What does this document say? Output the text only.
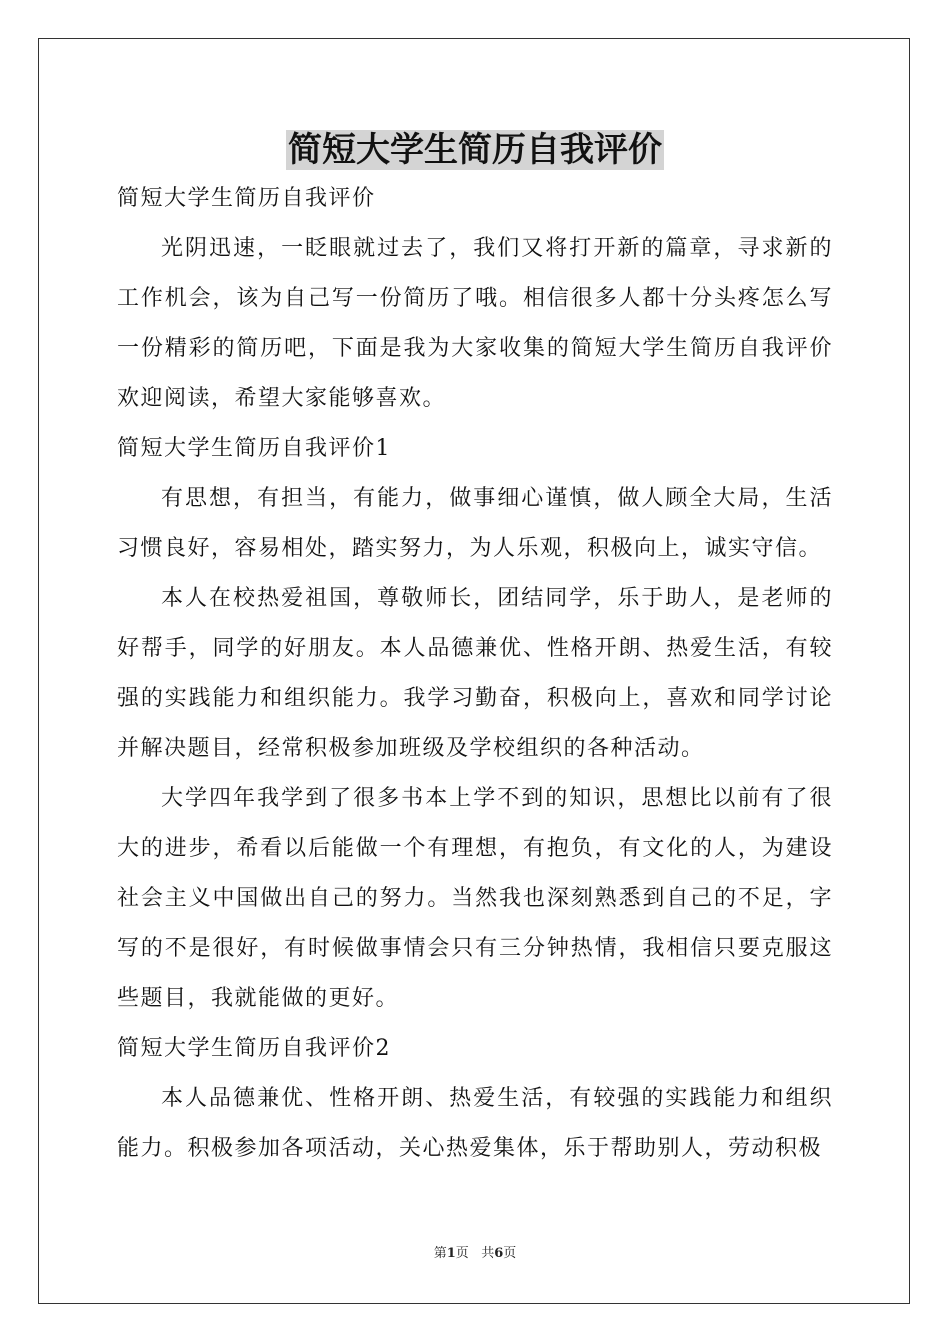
简短大学生简历自我评价

简短大学生简历自我评价

光阴迅速，一眨眼就过去了，我们又将打开新的篇章，寻求新的工作机会，该为自己写一份简历了哦。相信很多人都十分头疼怎么写一份精彩的简历吧，下面是我为大家收集的简短大学生简历自我评价欢迎阅读，希望大家能够喜欢。

简短大学生简历自我评价1

有思想，有担当，有能力，做事细心谨慎，做人顾全大局，生活习惯良好，容易相处，踏实努力，为人乐观，积极向上，诚实守信。

本人在校热爱祖国，尊敬师长，团结同学，乐于助人，是老师的好帮手，同学的好朋友。本人品德兼优、性格开朗、热爱生活，有较强的实践能力和组织能力。我学习勤奋，积极向上，喜欢和同学讨论并解决题目，经常积极参加班级及学校组织的各种活动。

大学四年我学到了很多书本上学不到的知识，思想比以前有了很大的进步，希看以后能做一个有理想，有抱负，有文化的人，为建设社会主义中国做出自己的努力。当然我也深刻熟悉到自己的不足，字写的不是很好，有时候做事情会只有三分钟热情，我相信只要克服这些题目，我就能做的更好。

简短大学生简历自我评价2

本人品德兼优、性格开朗、热爱生活，有较强的实践能力和组织能力。积极参加各项活动，关心热爱集体，乐于帮助别人，劳动积极

第1页 共6页
